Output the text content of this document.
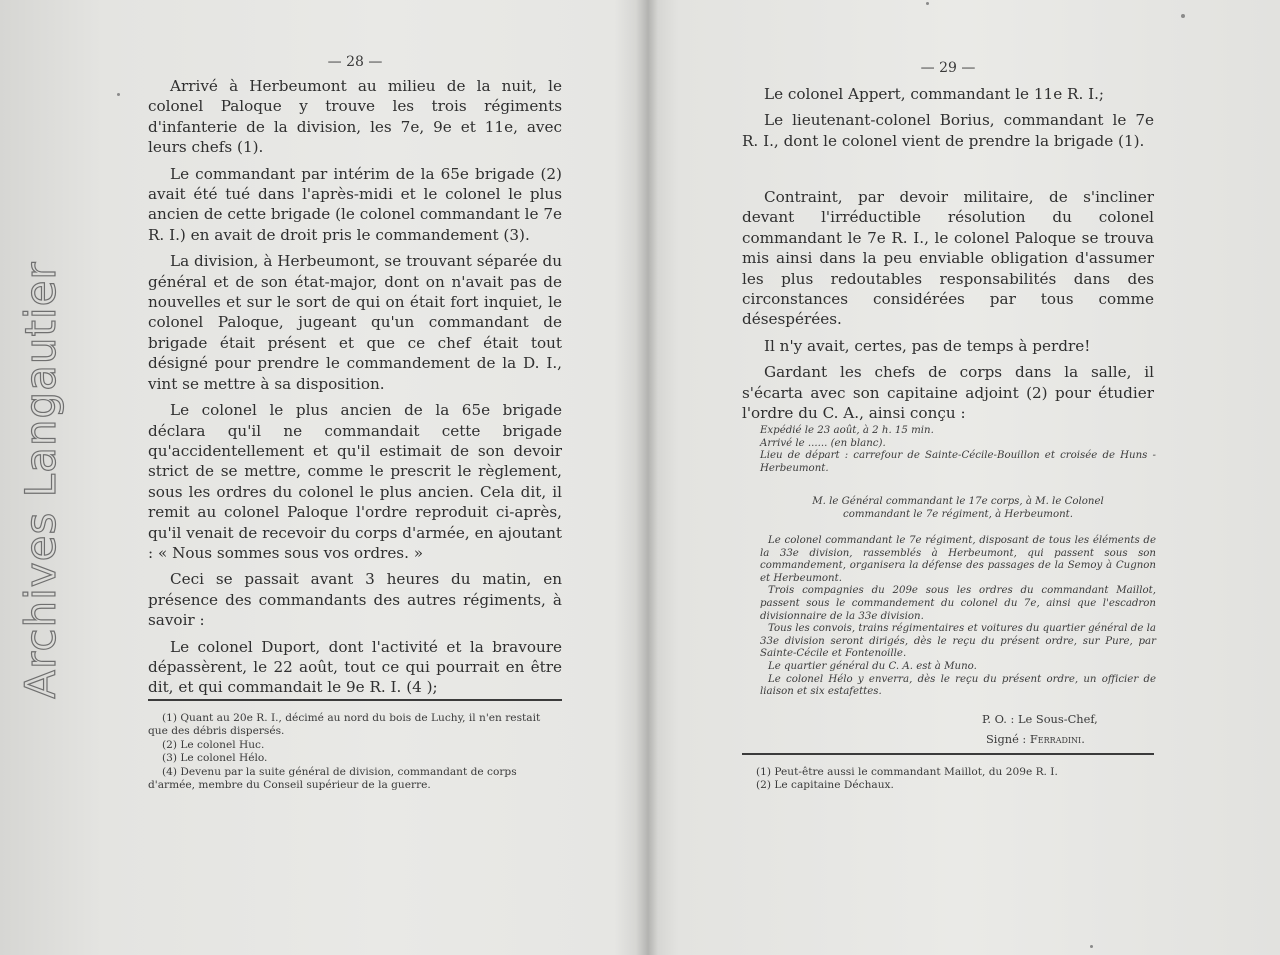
Archives Langautier
— 28 —

Arrivé à Herbeumont au milieu de la nuit, le colonel Paloque y trouve les trois régiments d'infanterie de la division, les 7e, 9e et 11e, avec leurs chefs (1).

Le commandant par intérim de la 65e brigade (2) avait été tué dans l'après-midi et le colonel le plus ancien de cette brigade (le colonel commandant le 7e R. I.) en avait de droit pris le commandement (3).

La division, à Herbeumont, se trouvant séparée du général et de son état-major, dont on n'avait pas de nouvelles et sur le sort de qui on était fort inquiet, le colonel Paloque, jugeant qu'un commandant de brigade était présent et que ce chef était tout désigné pour prendre le commandement de la D. I., vint se mettre à sa disposition.

Le colonel le plus ancien de la 65e brigade déclara qu'il ne commandait cette brigade qu'accidentellement et qu'il estimait de son devoir strict de se mettre, comme le prescrit le règlement, sous les ordres du colonel le plus ancien. Cela dit, il remit au colonel Paloque l'ordre reproduit ci-après, qu'il venait de recevoir du corps d'armée, en ajoutant : « Nous sommes sous vos ordres. »

Ceci se passait avant 3 heures du matin, en présence des commandants des autres régiments, à savoir :

Le colonel Duport, dont l'activité et la bravoure dépassèrent, le 22 août, tout ce qui pourrait en être dit, et qui commandait le 9e R. I. (4 );

(1) Quant au 20e R. I., décimé au nord du bois de Luchy, il n'en restait que des débris dispersés.
(2) Le colonel Huc.
(3) Le colonel Hélo.
(4) Devenu par la suite général de division, commandant de corps d'armée, membre du Conseil supérieur de la guerre.
— 29 —

Le colonel Appert, commandant le 11e R. I.;

Le lieutenant-colonel Borius, commandant le 7e R. I., dont le colonel vient de prendre la brigade (1).

Contraint, par devoir militaire, de s'incliner devant l'irréductible résolution du colonel commandant le 7e R. I., le colonel Paloque se trouva mis ainsi dans la peu enviable obligation d'assumer les plus redoutables responsabilités dans des circonstances considérées par tous comme désespérées.

Il n'y avait, certes, pas de temps à perdre!

Gardant les chefs de corps dans la salle, il s'écarta avec son capitaine adjoint (2) pour étudier l'ordre du C. A., ainsi conçu :

Expédié le 23 août, à 2 h. 15 min.
Arrivé le ...... (en blanc).
Lieu de départ : carrefour de Sainte-Cécile-Bouillon et croisée de Huns - Herbeumont.
M. le Général commandant le 17e corps, à M. le Colonel commandant le 7e régiment, à Herbeumont.
Le colonel commandant le 7e régiment, disposant de tous les éléments de la 33e division, rassemblés à Herbeumont, qui passent sous son commandement, organisera la défense des passages de la Semoy à Cugnon et Herbeumont.
Trois compagnies du 209e sous les ordres du commandant Maillot, passent sous le commandement du colonel du 7e, ainsi que l'escadron divisionnaire de la 33e division.
Tous les convois, trains régimentaires et voitures du quartier général de la 33e division seront dirigés, dès le reçu du présent ordre, sur Pure, par Sainte-Cécile et Fontenoille.
Le quartier général du C. A. est à Muno.
Le colonel Hélo y enverra, dès le reçu du présent ordre, un officier de liaison et six estafettes.
P. O. : Le Sous-Chef,
Signé : Ferradini.
(1) Peut-être aussi le commandant Maillot, du 209e R. I.
(2) Le capitaine Déchaux.
